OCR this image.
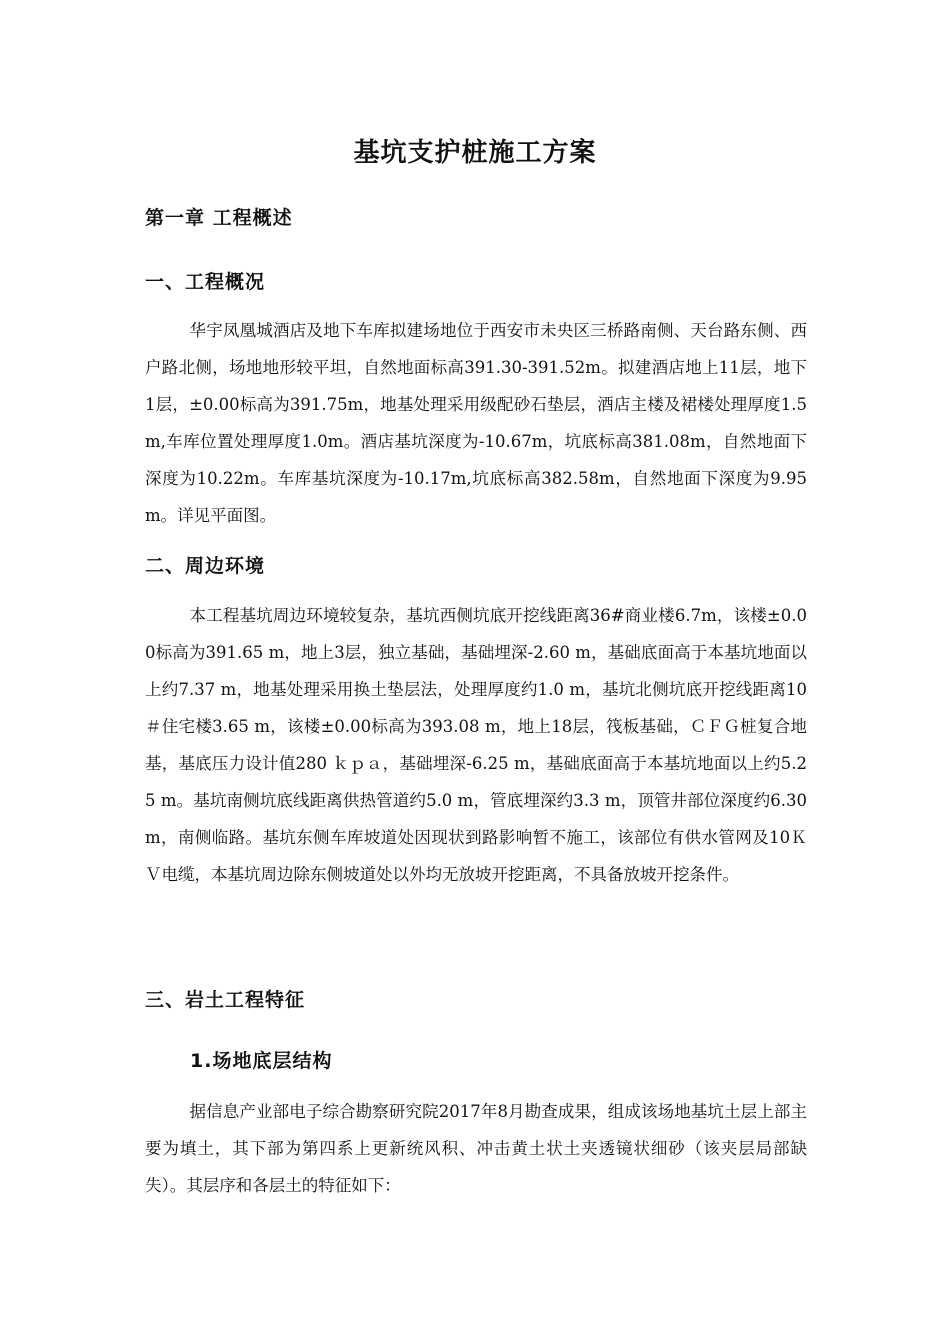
基坑支护桩施工方案
第一章 工程概述
一、工程概况

华宇凤凰城酒店及地下车库拟建场地位于西安市未央区三桥路南侧、天台路东侧、西户路北侧，场地地形较平坦，自然地面标高391.30-391.52m。拟建酒店地上11层，地下1层，±0.00标高为391.75m，地基处理采用级配砂石垫层，酒店主楼及裙楼处理厚度1.5m,车库位置处理厚度1.0m。酒店基坑深度为-10.67m，坑底标高381.08m，自然地面下深度为10.22m。车库基坑深度为-10.17m,坑底标高382.58m，自然地面下深度为9.95m。详见平面图。

二、周边环境

本工程基坑周边环境较复杂，基坑西侧坑底开挖线距离36#商业楼6.7m，该楼±0.00标高为391.65 m，地上3层，独立基础，基础埋深-2.60 m，基础底面高于本基坑地面以上约7.37 m，地基处理采用换土垫层法，处理厚度约1.0 m，基坑北侧坑底开挖线距离10＃住宅楼3.65 m，该楼±0.00标高为393.08 m，地上18层，筏板基础，ＣＦＧ桩复合地基，基底压力设计值280 ｋｐａ，基础埋深-6.25 m，基础底面高于本基坑地面以上约5.25 m。基坑南侧坑底线距离供热管道约5.0 m，管底埋深约3.3 m，顶管井部位深度约6.30 m，南侧临路。基坑东侧车库坡道处因现状到路影响暂不施工，该部位有供水管网及10ＫＶ电缆，本基坑周边除东侧坡道处以外均无放坡开挖距离，不具备放坡开挖条件。

三、岩土工程特征
1.场地底层结构

据信息产业部电子综合勘察研究院2017年8月勘查成果，组成该场地基坑土层上部主要为填土，其下部为第四系上更新统风积、冲击黄土状土夹透镜状细砂（该夹层局部缺失）。其层序和各层土的特征如下：
